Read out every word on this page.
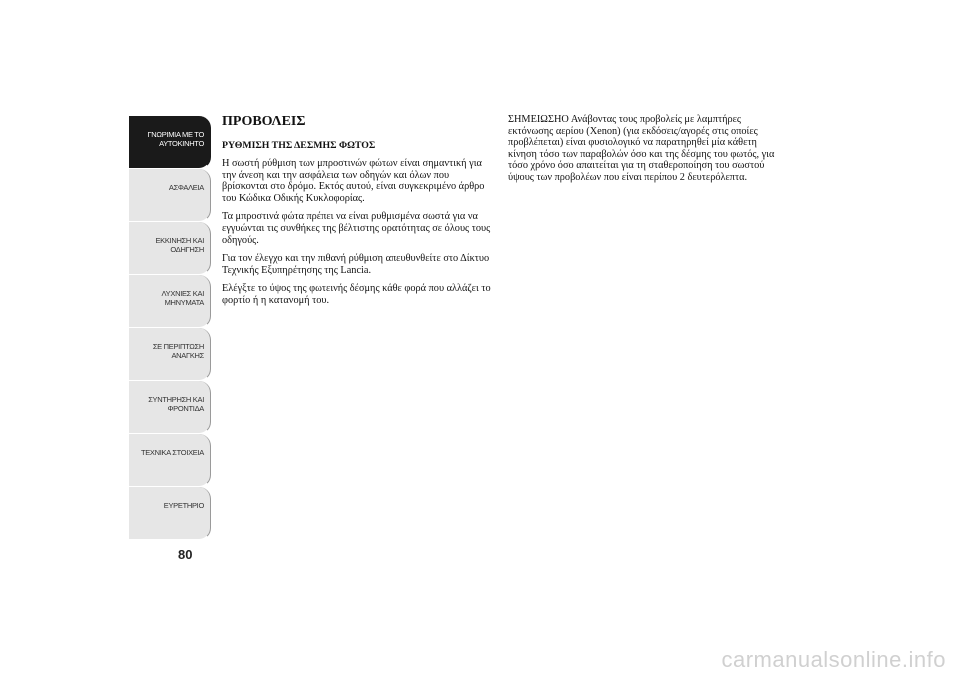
ΓΝΩΡΙΜΙΑ ΜΕ ΤΟ
ΑΥΤΟΚΙΝΗΤΟ
ΑΣΦΑΛΕΙΑ
ΕΚΚΙΝΗΣΗ ΚΑΙ
ΟΔΗΓΗΣΗ
ΛΥΧΝΙΕΣ ΚΑΙ
ΜΗΝΥΜΑΤΑ
ΣΕ ΠΕΡΙΠΤΩΣΗ
ΑΝΑΓΚΗΣ
ΣΥΝΤΗΡΗΣΗ ΚΑΙ
ΦΡΟΝΤΙΔΑ
ΤΕΧΝΙΚΑ ΣΤΟΙΧΕΙΑ
ΕΥΡΕΤΗΡΙΟ
80
ΠΡΟΒΟΛΕΙΣ
ΡΥΘΜΙΣΗ ΤΗΣ ΔΕΣΜΗΣ ΦΩΤΟΣ

Η σωστή ρύθμιση των μπροστινών φώτων είναι σημαντική για την άνεση και την ασφάλεια των οδηγών και όλων που βρίσκονται στο δρόμο. Εκτός αυτού, είναι συγκεκριμένο άρθρο του Κώδικα Οδικής Κυκλοφορίας.

Τα μπροστινά φώτα πρέπει να είναι ρυθμισμένα σωστά για να εγγυώνται τις συνθήκες της βέλτιστης ορατότητας σε όλους τους οδηγούς.

Για τον έλεγχο και την πιθανή ρύθμιση απευθυνθείτε στο Δίκτυο Τεχνικής Εξυπηρέτησης της Lancia.

Ελέγξτε το ύψος της φωτεινής δέσμης κάθε φορά που αλλάζει το φορτίο ή η κατανομή του.

ΣΗΜΕΙΩΣΗΟ Ανάβοντας τους προβολείς με λαμπτήρες εκτόνωσης αερίου (Xenon) (για εκδόσεις/αγορές στις οποίες προβλέπεται) είναι φυσιολογικό να παρατηρηθεί μία κάθετη κίνηση τόσο των παραβολών όσο και της δέσμης του φωτός, για τόσο χρόνο όσο απαιτείται για τη σταθεροποίηση του σωστού ύψους των προβολέων που είναι περίπου 2 δευτερόλεπτα.

carmanualsonline.info
